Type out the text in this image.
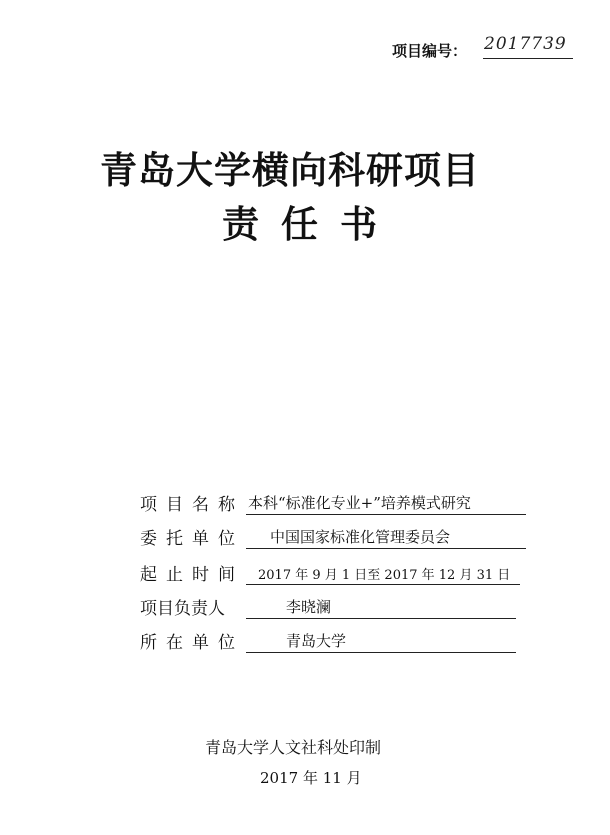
项目编号： 2017739
青岛大学横向科研项目
责任书
项目名称 本科“标准化专业+”培养模式研究
委托单位 中国国家标准化管理委员会
起止时间 2017 年 9 月 1 日至 2017 年 12 月 31 日
项目负责人	李晓澜
所在单位	青岛大学
青岛大学人文社科处印制
2017 年 11 月
